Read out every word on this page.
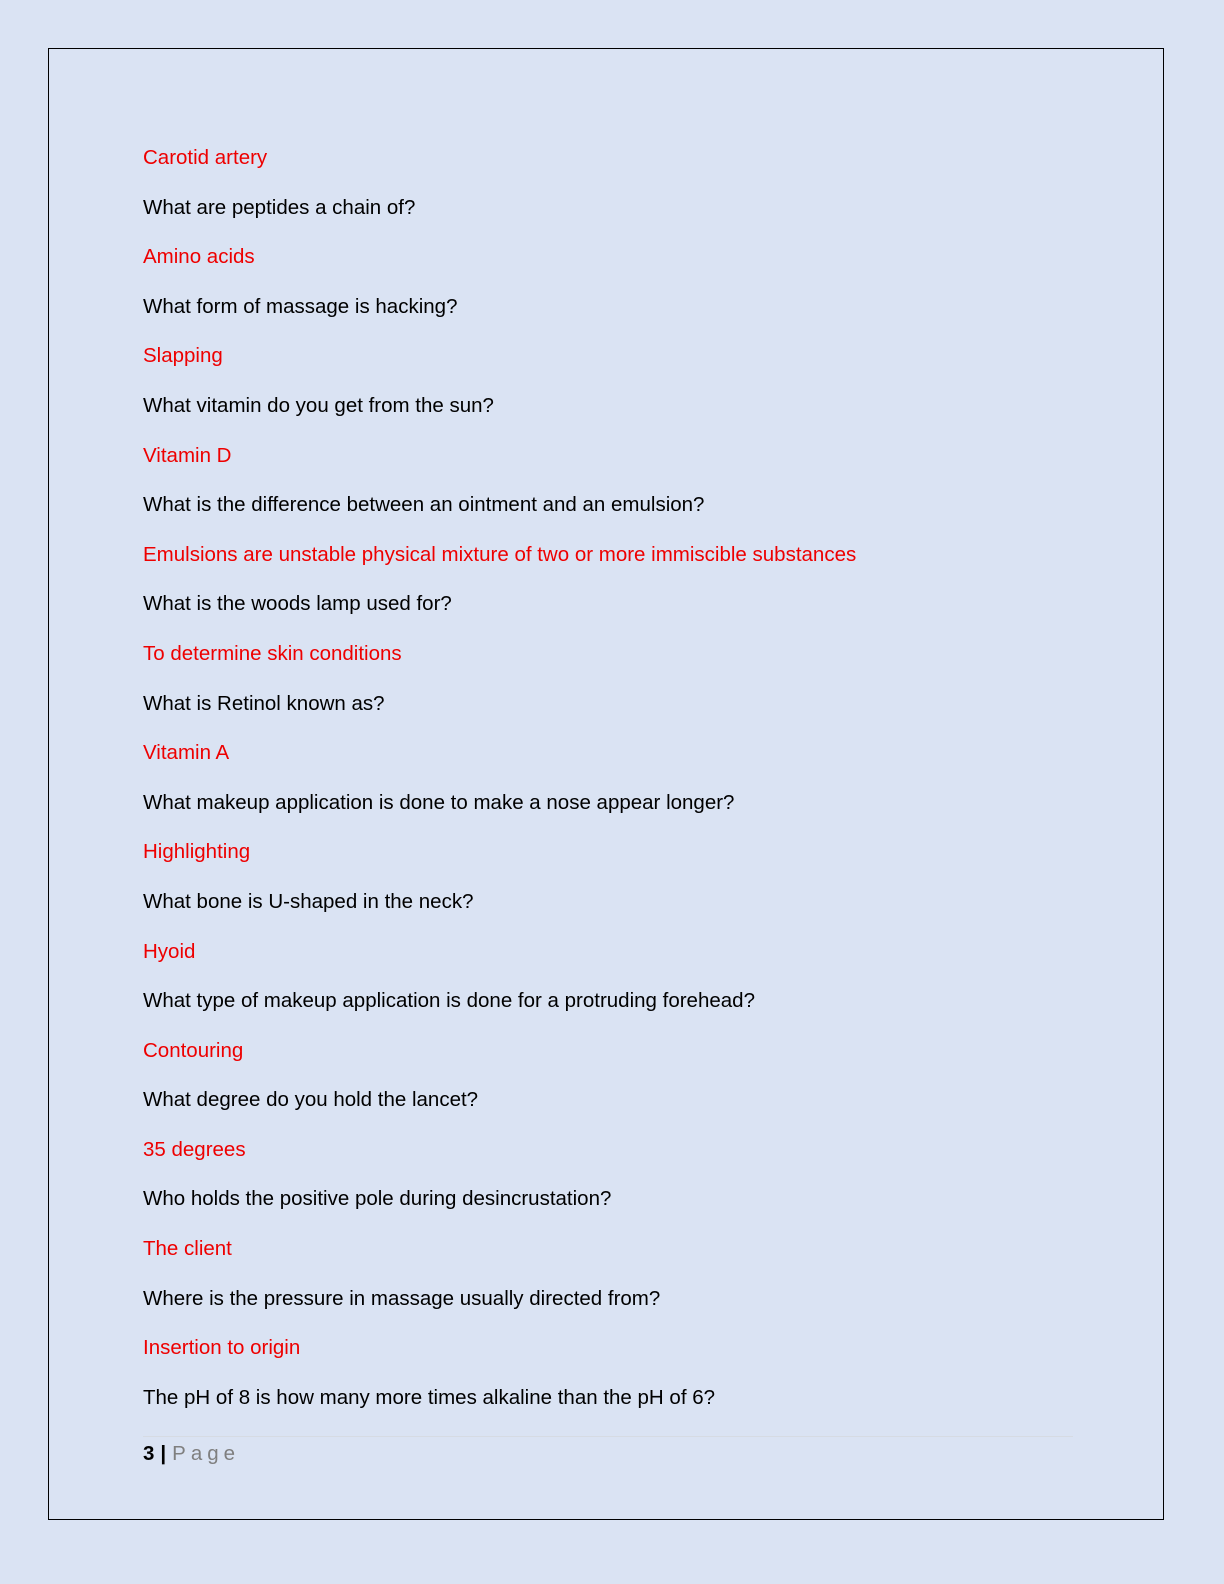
Carotid artery
What are peptides a chain of?
Amino acids
What form of massage is hacking?
Slapping
What vitamin do you get from the sun?
Vitamin D
What is the difference between an ointment and an emulsion?
Emulsions are unstable physical mixture of two or more immiscible substances
What is the woods lamp used for?
To determine skin conditions
What is Retinol known as?
Vitamin A
What makeup application is done to make a nose appear longer?
Highlighting
What bone is U-shaped in the neck?
Hyoid
What type of makeup application is done for a protruding forehead?
Contouring
What degree do you hold the lancet?
35 degrees
Who holds the positive pole during desincrustation?
The client
Where is the pressure in massage usually directed from?
Insertion to origin
The pH of 8 is how many more times alkaline than the pH of 6?
3 | Page
